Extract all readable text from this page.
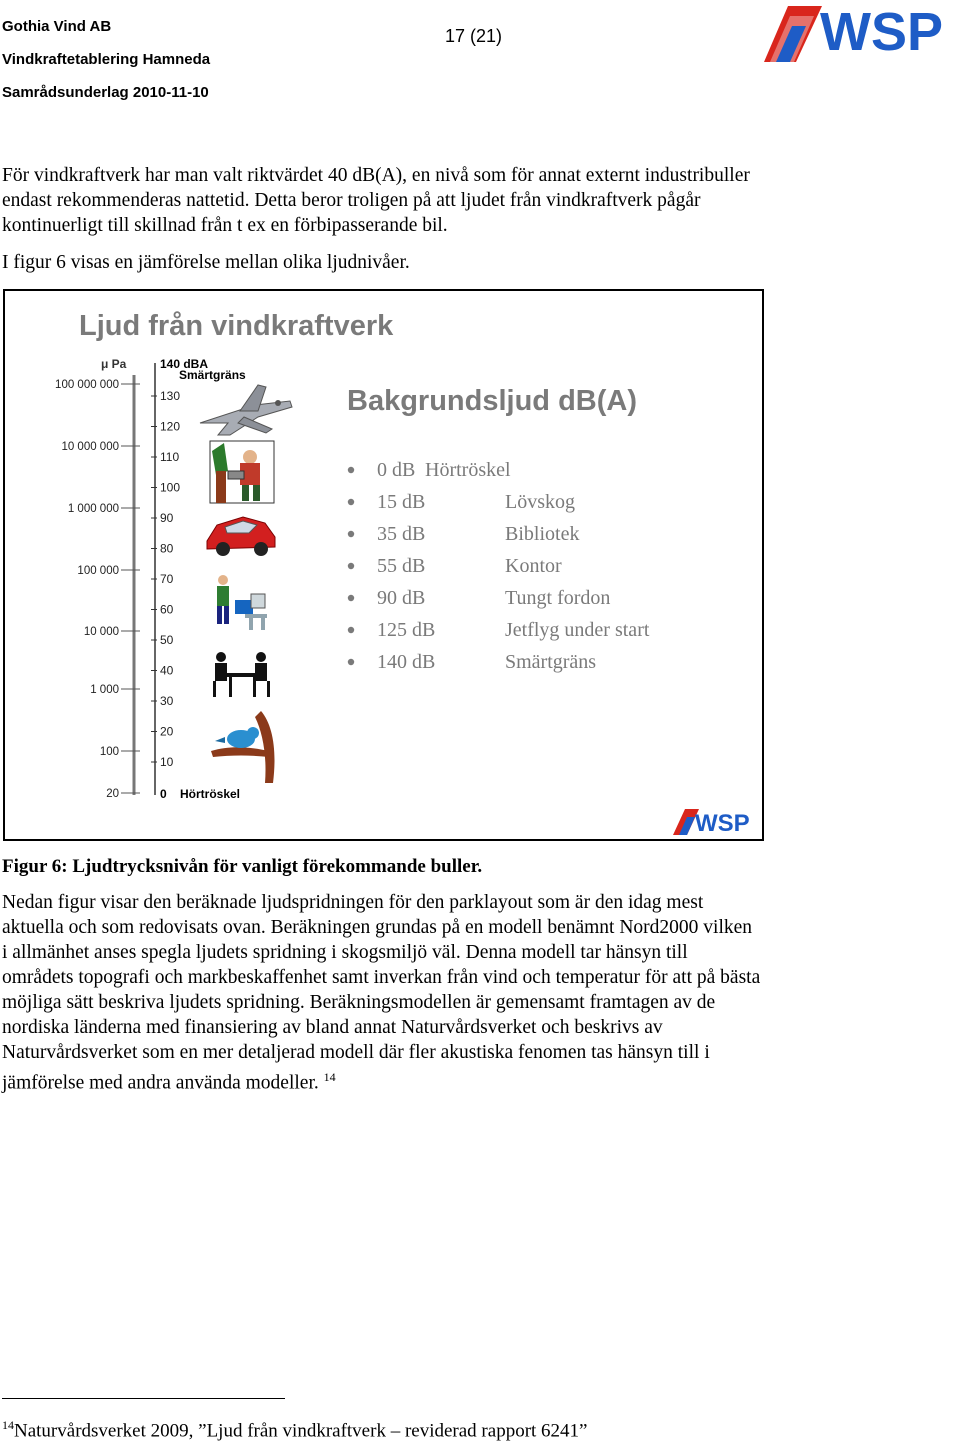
Gothia Vind AB
Vindkraftetablering Hamneda
Samrådsunderlag 2010-11-10
17 (21)	WSP
För vindkraftverk har man valt riktvärdet 40 dB(A), en nivå som för annat externt industribuller endast rekommenderas nattetid. Detta beror troligen på att ljudet från vindkraftverk pågår kontinuerligt till skillnad från t ex en förbipasserande bil.
I figur 6 visas en jämförelse mellan olika ljudnivåer.
Ljud från vindkraftverk
μ Pa
100 000 000
10 000 000
1 000 000
100 000
10 000
1 000
100
20
140 dBA
Smärtgräns
130
120
110
100
90
80
70
60
50
40
30
20
10
0 Hörtröskel
Bakgrundsljud dB(A)
0 dB Hörtröskel
15 dB	Lövskog
35 dB	Bibliotek
55 dB	Kontor
90 dB	Tungt fordon
125 dB	Jetflyg under start
140 dB	Smärtgräns
WSP
Figur 6: Ljudtrycksnivån för vanligt förekommande buller.
Nedan figur visar den beräknade ljudspridningen för den parklayout som är den idag mest aktuella och som redovisats ovan. Beräkningen grundas på en modell benämnt Nord2000 vilken i allmänhet anses spegla ljudets spridning i skogsmiljö väl. Denna modell tar hänsyn till områdets topografi och markbeskaffenhet samt inverkan från vind och temperatur för att på bästa möjliga sätt beskriva ljudets spridning. Beräkningsmodellen är gemensamt framtagen av de nordiska länderna med finansiering av bland annat Naturvårdsverket och beskrivs av Naturvårdsverket som en mer detaljerad modell där fler akustiska fenomen tas hänsyn till i jämförelse med andra använda modeller. $^{14}$
$^{14}$Naturvårdsverket 2009, ”Ljud från vindkraftverk – reviderad rapport 6241”
